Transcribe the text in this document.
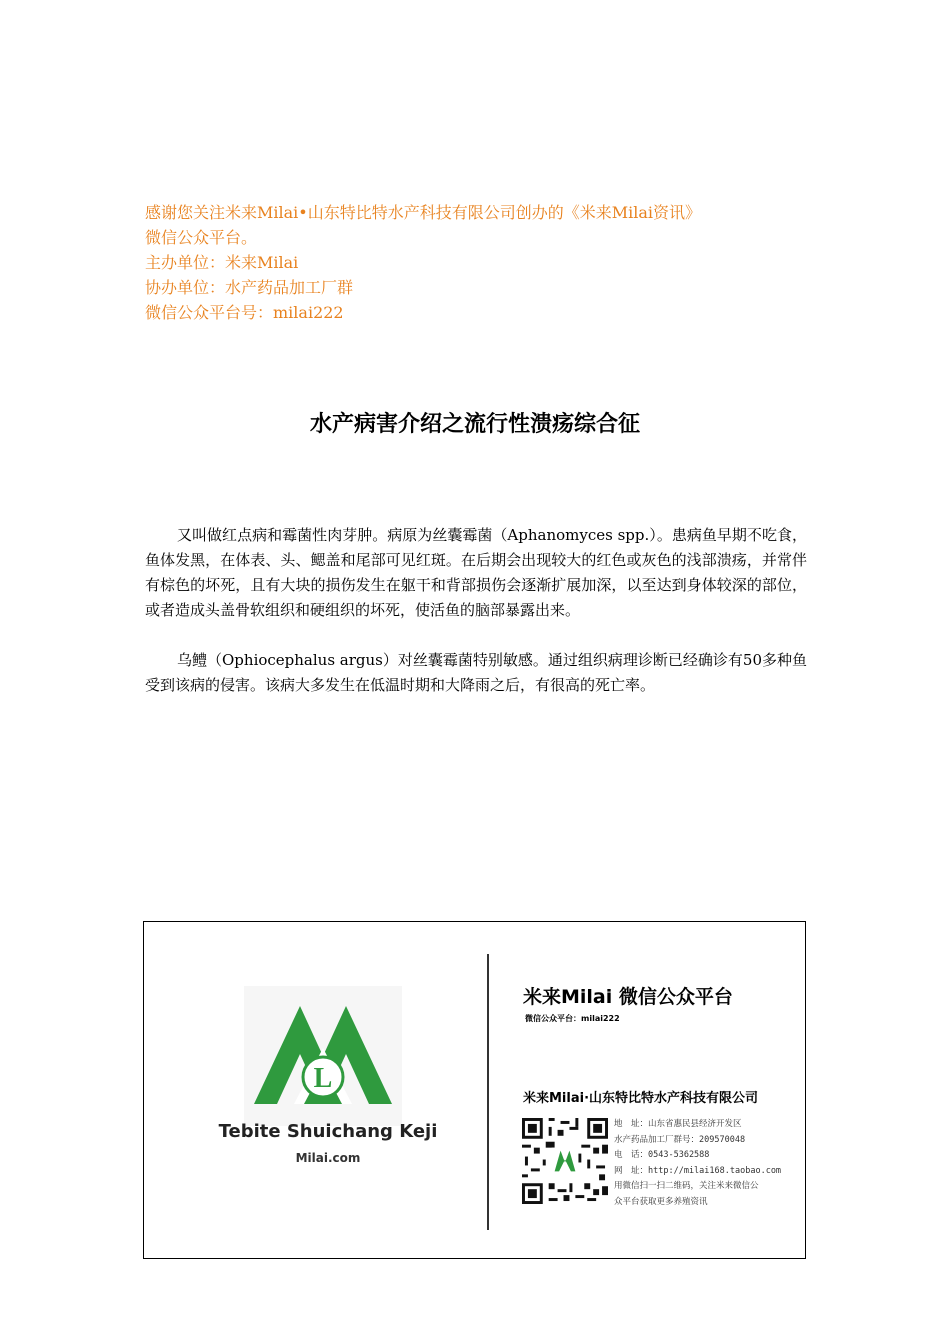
感谢您关注米来Milai•山东特比特水产科技有限公司创办的《米来Milai资讯》
微信公众平台。
主办单位：米来Milai
协办单位：水产药品加工厂群
微信公众平台号：milai222
水产病害介绍之流行性溃疡综合征

又叫做红点病和霉菌性肉芽肿。病原为丝囊霉菌（Aphanomyces spp.）。患病鱼早期不吃食，鱼体发黑，在体表、头、鳃盖和尾部可见红斑。在后期会出现较大的红色或灰色的浅部溃疡，并常伴有棕色的坏死，且有大块的损伤发生在躯干和背部损伤会逐渐扩展加深，以至达到身体较深的部位，或者造成头盖骨软组织和硬组织的坏死，使活鱼的脑部暴露出来。

乌鳢（Ophiocephalus argus）对丝囊霉菌特别敏感。通过组织病理诊断已经确诊有50多种鱼受到该病的侵害。该病大多发生在低温时期和大降雨之后，有很高的死亡率。

L
Tebite Shuichang Keji
Milai.com
米来Milai 微信公众平台
微信公众平台：milai222
米来Milai·山东特比特水产科技有限公司
地　址：山东省惠民县经济开发区
水产药品加工厂群号：209570048
电　话：0543-5362588
网　址：http://milai168.taobao.com
用微信扫一扫二维码，关注米来微信公
众平台获取更多养殖资讯
